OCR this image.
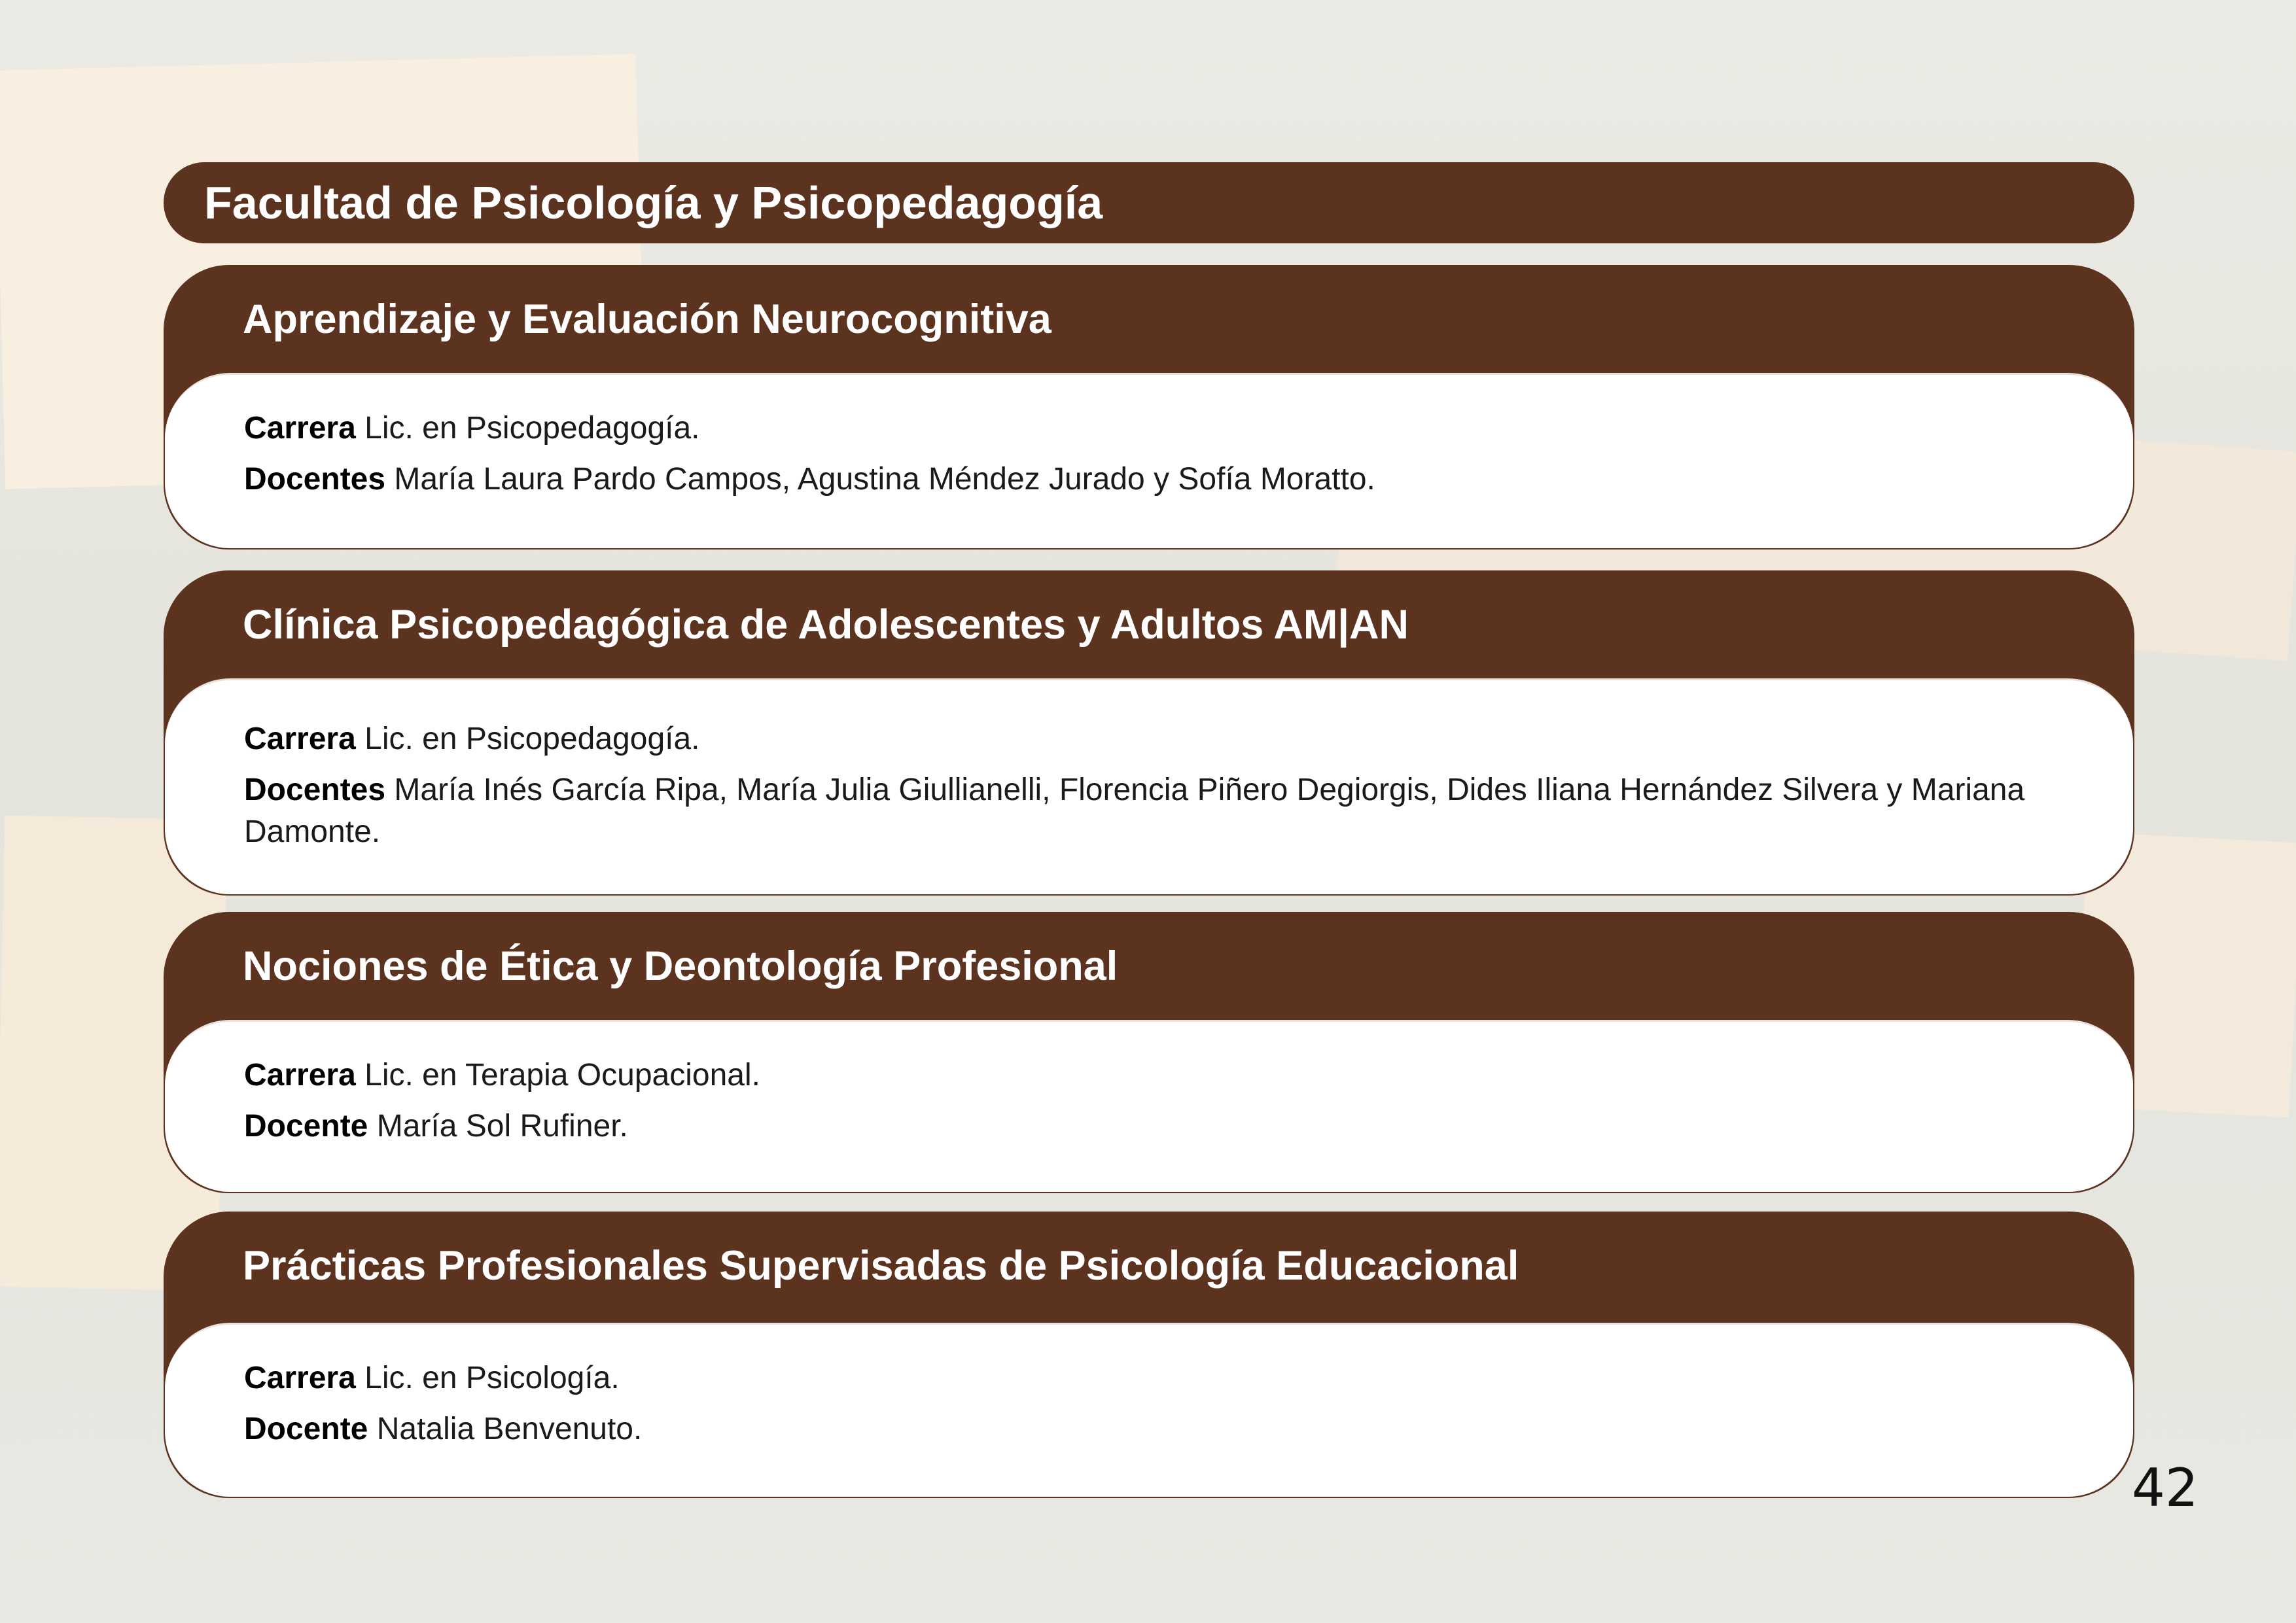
Facultad de Psicología y Psicopedagogía
Aprendizaje y Evaluación Neurocognitiva

Carrera Lic. en Psicopedagogía.

Docentes María Laura Pardo Campos, Agustina Méndez Jurado y Sofía Moratto.

Clínica Psicopedagógica de Adolescentes y Adultos AM|AN

Carrera Lic. en Psicopedagogía.

Docentes María Inés García Ripa, María Julia Giullianelli, Florencia Piñero Degiorgis, Dides Iliana Hernández Silvera y Mariana Damonte.

Nociones de Ética y Deontología Profesional

Carrera Lic. en Terapia Ocupacional.

Docente María Sol Rufiner.

Prácticas Profesionales Supervisadas de Psicología Educacional

Carrera Lic. en Psicología.

Docente Natalia Benvenuto.

42
